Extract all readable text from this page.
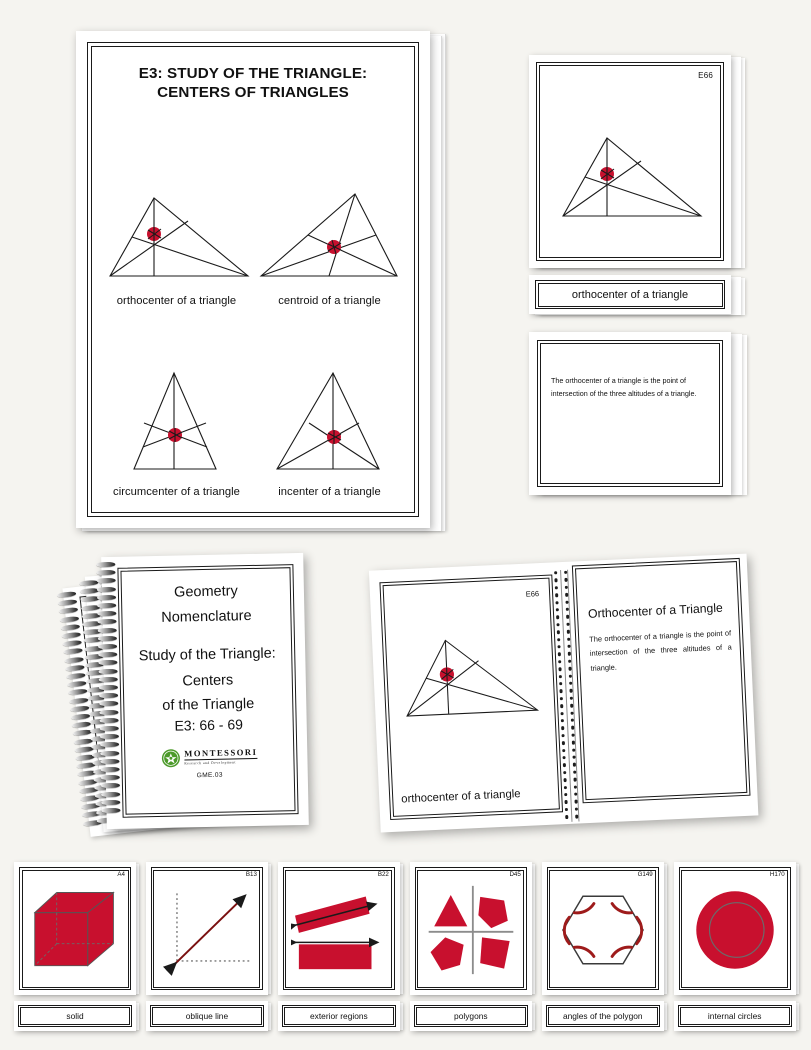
E3: STUDY OF THE TRIANGLE:
CENTERS OF TRIANGLES
orthocenter of a triangle	centroid of a triangle
circumcenter of a triangle	incenter of a triangle
E66
orthocenter of a triangle
The orthocenter of a triangle is the point of intersection of the three altitudes of a triangle.
Geometry
Nomenclature
Study of the Triangle:
Centers
of the Triangle
E3: 66 - 69
MONTESSORI
Research and Development
GME.03
E66
orthocenter of a triangle
Orthocenter of a Triangle
The orthocenter of a triangle is the point of intersection of the three altitudes of a triangle.
A4
solid
B13
oblique line
B22
exterior regions
D45
polygons
G149
angles of the polygon
H170
internal circles
